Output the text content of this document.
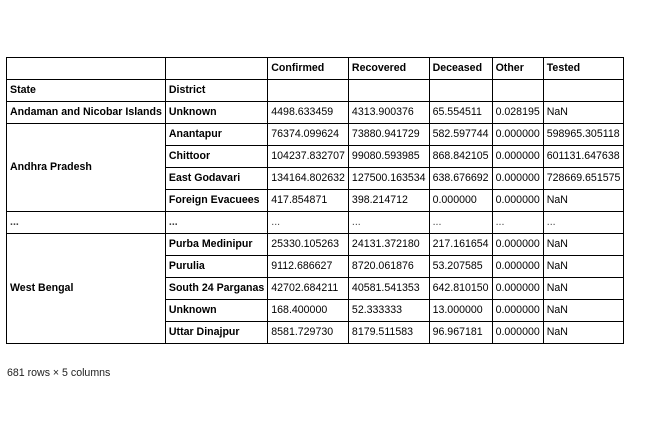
		Confirmed	Recovered	Deceased	Other	Tested
State	District					
Andaman and Nicobar Islands	Unknown	4498.633459	4313.900376	65.554511	0.028195	NaN
Andhra Pradesh	Anantapur	76374.099624	73880.941729	582.597744	0.000000	598965.305118
	Chittoor	104237.832707	99080.593985	868.842105	0.000000	601131.647638
	East Godavari	134164.802632	127500.163534	638.676692	0.000000	728669.651575
	Foreign Evacuees	417.854871	398.214712	0.000000	0.000000	NaN
...	...	...	...	...	...	...
West Bengal	Purba Medinipur	25330.105263	24131.372180	217.161654	0.000000	NaN
	Purulia	9112.686627	8720.061876	53.207585	0.000000	NaN
	South 24 Parganas	42702.684211	40581.541353	642.810150	0.000000	NaN
	Unknown	168.400000	52.333333	13.000000	0.000000	NaN
	Uttar Dinajpur	8581.729730	8179.511583	96.967181	0.000000	NaN
681 rows × 5 columns
